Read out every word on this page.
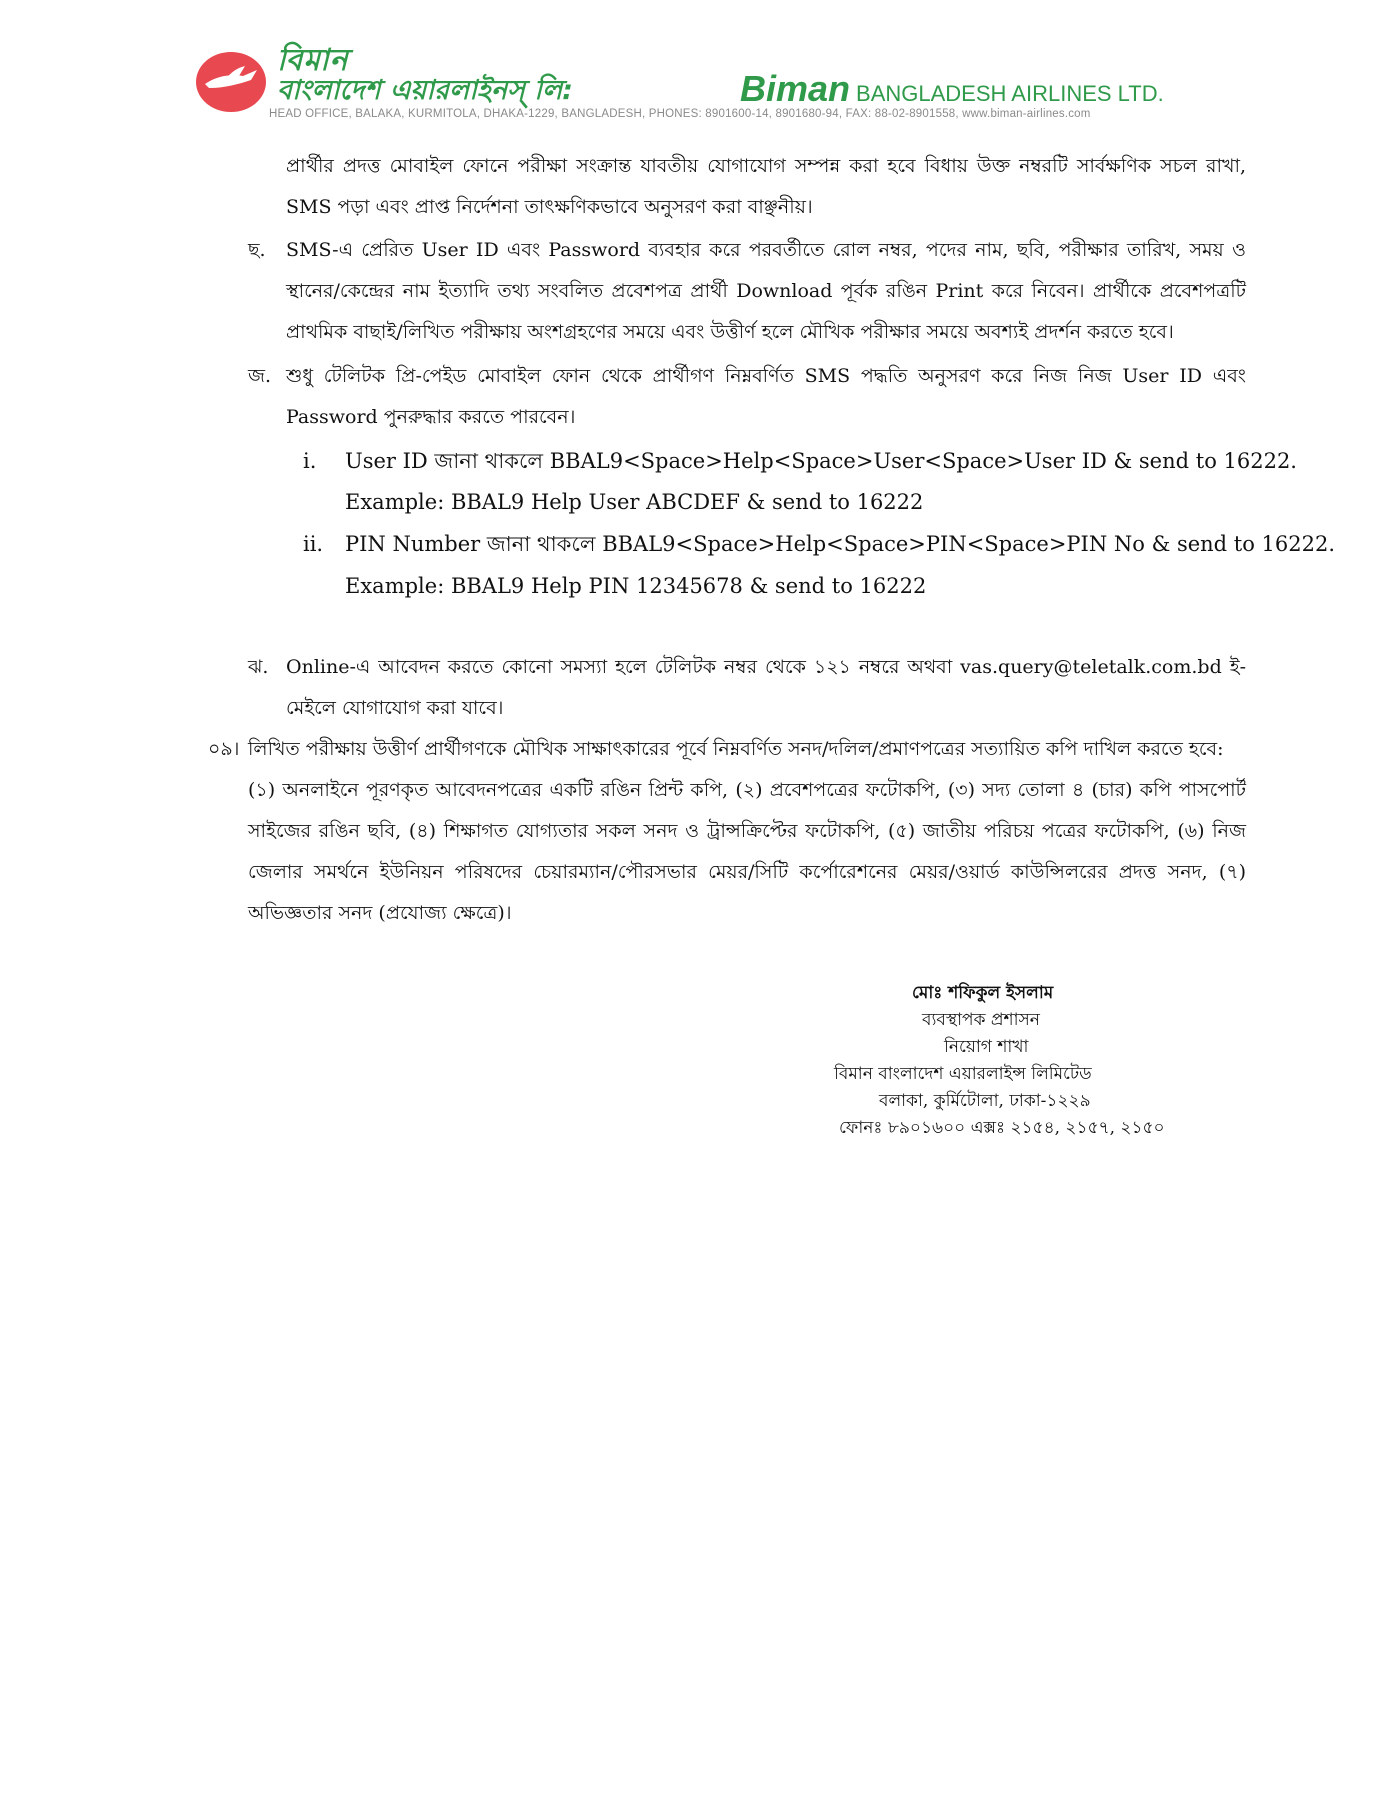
বিমান
বাংলাদেশ এয়ারলাইনস্ লি:	Biman BANGLADESH AIRLINES LTD.
HEAD OFFICE, BALAKA, KURMITOLA, DHAKA-1229, BANGLADESH, PHONES: 8901600-14, 8901680-94, FAX: 88-02-8901558, www.biman-airlines.com
প্রার্থীর প্রদত্ত মোবাইল ফোনে পরীক্ষা সংক্রান্ত যাবতীয় যোগাযোগ সম্পন্ন করা হবে বিধায় উক্ত নম্বরটি সার্বক্ষণিক সচল রাখা, SMS পড়া এবং প্রাপ্ত নির্দেশনা তাৎক্ষণিকভাবে অনুসরণ করা বাঞ্ছনীয়।
ছ. SMS-এ প্রেরিত User ID এবং Password ব্যবহার করে পরবর্তীতে রোল নম্বর, পদের নাম, ছবি, পরীক্ষার তারিখ, সময় ও স্থানের/কেন্দ্রের নাম ইত্যাদি তথ্য সংবলিত প্রবেশপত্র প্রার্থী Download পূর্বক রঙিন Print করে নিবেন। প্রার্থীকে প্রবেশপত্রটি প্রাথমিক বাছাই/লিখিত পরীক্ষায় অংশগ্রহণের সময়ে এবং উত্তীর্ণ হলে মৌখিক পরীক্ষার সময়ে অবশ্যই প্রদর্শন করতে হবে।
জ. শুধু টেলিটক প্রি-পেইড মোবাইল ফোন থেকে প্রার্থীগণ নিম্নবর্ণিত SMS পদ্ধতি অনুসরণ করে নিজ নিজ User ID এবং Password পুনরুদ্ধার করতে পারবেন।
i. User ID জানা থাকলে BBAL9<Space>Help<Space>User<Space>User ID & send to 16222.
Example: BBAL9 Help User ABCDEF & send to 16222
ii. PIN Number জানা থাকলে BBAL9<Space>Help<Space>PIN<Space>PIN No & send to 16222.
Example: BBAL9 Help PIN 12345678 & send to 16222
ঝ. Online-এ আবেদন করতে কোনো সমস্যা হলে টেলিটক নম্বর থেকে ১২১ নম্বরে অথবা vas.query@teletalk.com.bd ই-মেইলে যোগাযোগ করা যাবে।
০৯। লিখিত পরীক্ষায় উত্তীর্ণ প্রার্থীগণকে মৌখিক সাক্ষাৎকারের পূর্বে নিম্নবর্ণিত সনদ/দলিল/প্রমাণপত্রের সত্যায়িত কপি দাখিল করতে হবে:
(১) অনলাইনে পূরণকৃত আবেদনপত্রের একটি রঙিন প্রিন্ট কপি, (২) প্রবেশপত্রের ফটোকপি, (৩) সদ্য তোলা ৪ (চার) কপি পাসপোর্ট সাইজের রঙিন ছবি, (৪) শিক্ষাগত যোগ্যতার সকল সনদ ও ট্রান্সক্রিপ্টের ফটোকপি, (৫) জাতীয় পরিচয় পত্রের ফটোকপি, (৬) নিজ জেলার সমর্থনে ইউনিয়ন পরিষদের চেয়ারম্যান/পৌরসভার মেয়র/সিটি কর্পোরেশনের মেয়র/ওয়ার্ড কাউন্সিলরের প্রদত্ত সনদ, (৭) অভিজ্ঞতার সনদ (প্রযোজ্য ক্ষেত্রে)।
মোঃ শফিকুল ইসলাম
ব্যবস্থাপক প্রশাসন
নিয়োগ শাখা
বিমান বাংলাদেশ এয়ারলাইন্স লিমিটেড
বলাকা, কুর্মিটোলা, ঢাকা-১২২৯
ফোনঃ ৮৯০১৬০০ এক্সঃ ২১৫৪, ২১৫৭, ২১৫০
